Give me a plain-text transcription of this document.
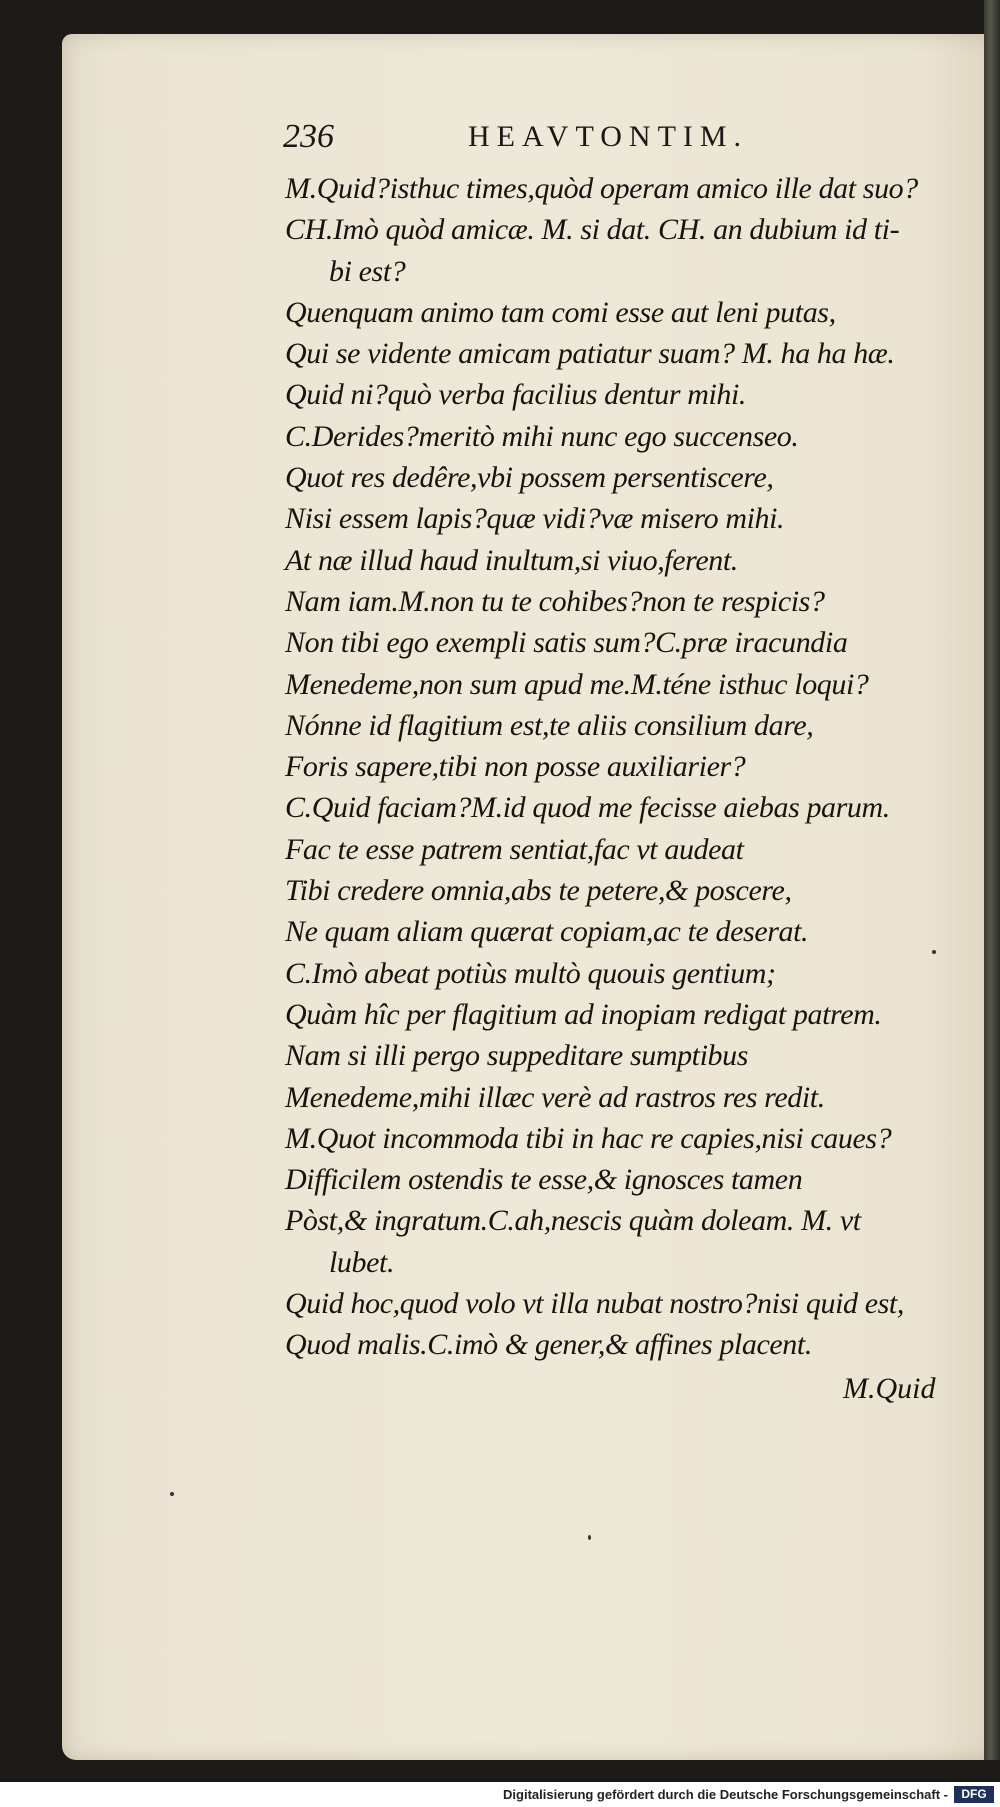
236	HEAVTONTIM.
M.Quid?isthuc times,quòd operam amico ille dat suo?
CH.Imò quòd amicæ. M. si dat. CH. an dubium id ti-
bi est?
Quenquam animo tam comi esse aut leni putas,
Qui se vidente amicam patiatur suam? M. ha ha hæ.
Quid ni?quò verba facilius dentur mihi.
C.Derides?meritò mihi nunc ego succenseo.
Quot res dedêre,vbi possem persentiscere,
Nisi essem lapis?quæ vidi?væ misero mihi.
At næ illud haud inultum,si viuo,ferent.
Nam iam.M.non tu te cohibes?non te respicis?
Non tibi ego exempli satis sum?C.præ iracundia
Menedeme,non sum apud me.M.téne isthuc loqui?
Nónne id flagitium est,te aliis consilium dare,
Foris sapere,tibi non posse auxiliarier?
C.Quid faciam?M.id quod me fecisse aiebas parum.
Fac te esse patrem sentiat,fac vt audeat
Tibi credere omnia,abs te petere,& poscere,
Ne quam aliam quærat copiam,ac te deserat.
C.Imò abeat potiùs multò quouis gentium;
Quàm hîc per flagitium ad inopiam redigat patrem.
Nam si illi pergo suppeditare sumptibus
Menedeme,mihi illæc verè ad rastros res redit.
M.Quot incommoda tibi in hac re capies,nisi caues?
Difficilem ostendis te esse,& ignosces tamen
Pòst,& ingratum.C.ah,nescis quàm doleam. M. vt
lubet.
Quid hoc,quod volo vt illa nubat nostro?nisi quid est,
Quod malis.C.imò & gener,& affines placent.
M.Quid
Digitalisierung gefördert durch die Deutsche Forschungsgemeinschaft -	DFG
